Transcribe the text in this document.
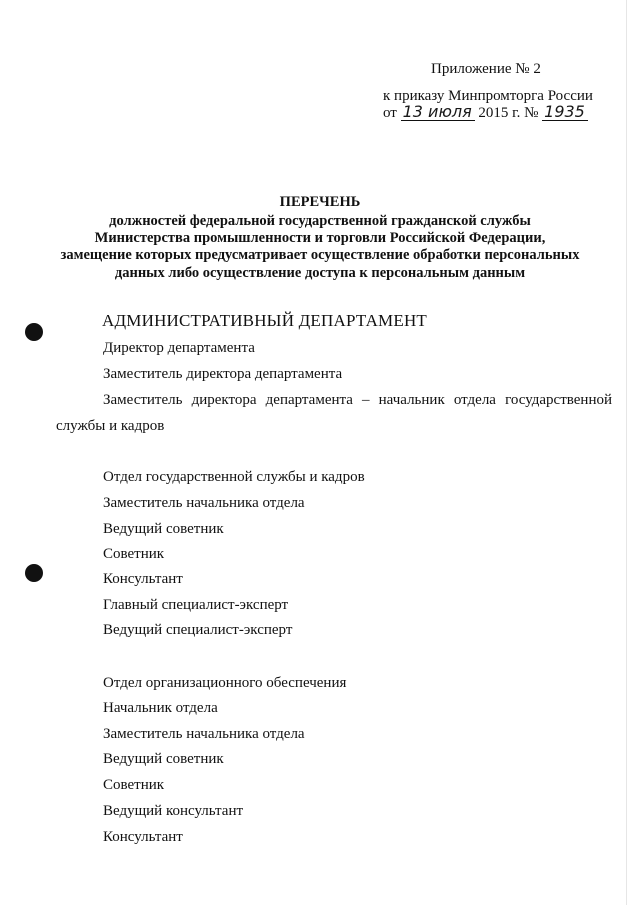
Приложение № 2
к приказу Минпромторга России
от 13 июля 2015 г. № 1935
ПЕРЕЧЕНЬ
должностей федеральной государственной гражданской службы
Министерства промышленности и торговли Российской Федерации,
замещение которых предусматривает осуществление обработки персональных
данных либо осуществление доступа к персональным данным
АДМИНИСТРАТИВНЫЙ ДЕПАРТАМЕНТ
Директор департамента
Заместитель директора департамента
Заместитель директора департамента – начальник отдела государственной
службы и кадров
Отдел государственной службы и кадров
Заместитель начальника отдела
Ведущий советник
Советник
Консультант
Главный специалист-эксперт
Ведущий специалист-эксперт
Отдел организационного обеспечения
Начальник отдела
Заместитель начальника отдела
Ведущий советник
Советник
Ведущий консультант
Консультант
